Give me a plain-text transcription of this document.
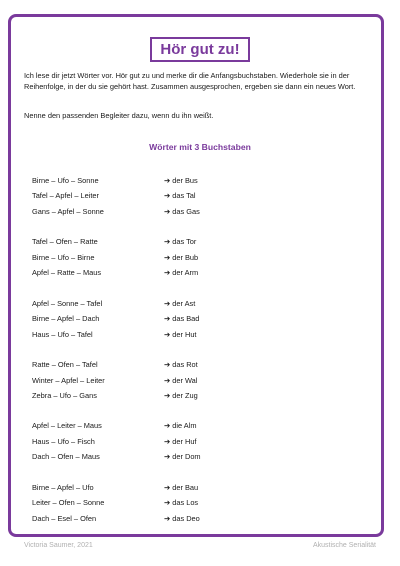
Hör gut zu!

Ich lese dir jetzt Wörter vor. Hör gut zu und merke dir die Anfangsbuchstaben. Wiederhole sie in der Reihenfolge, in der du sie gehört hast. Zusammen ausgesprochen, ergeben sie dann ein neues Wort.

Nenne den passenden Begleiter dazu, wenn du ihn weißt.

Wörter mit 3 Buchstaben
Birne – Ufo – Sonne	➔ der Bus
Tafel – Apfel – Leiter	➔ das Tal
Gans – Apfel – Sonne	➔ das Gas
Tafel – Ofen – Ratte	➔ das Tor
Birne – Ufo – Birne	➔ der Bub
Apfel – Ratte – Maus	➔ der Arm
Apfel – Sonne – Tafel	➔ der Ast
Birne – Apfel – Dach	➔ das Bad
Haus – Ufo – Tafel	➔ der Hut
Ratte – Ofen – Tafel	➔ das Rot
Winter – Apfel – Leiter	➔ der Wal
Zebra – Ufo – Gans	➔ der Zug
Apfel – Leiter – Maus	➔ die Alm
Haus – Ufo – Fisch	➔ der Huf
Dach – Ofen – Maus	➔ der Dom
Birne – Apfel – Ufo	➔ der Bau
Leiter – Ofen – Sonne	➔ das Los
Dach – Esel – Ofen	➔ das Deo
Victoria Saumer, 2021	Akustische Serialität
